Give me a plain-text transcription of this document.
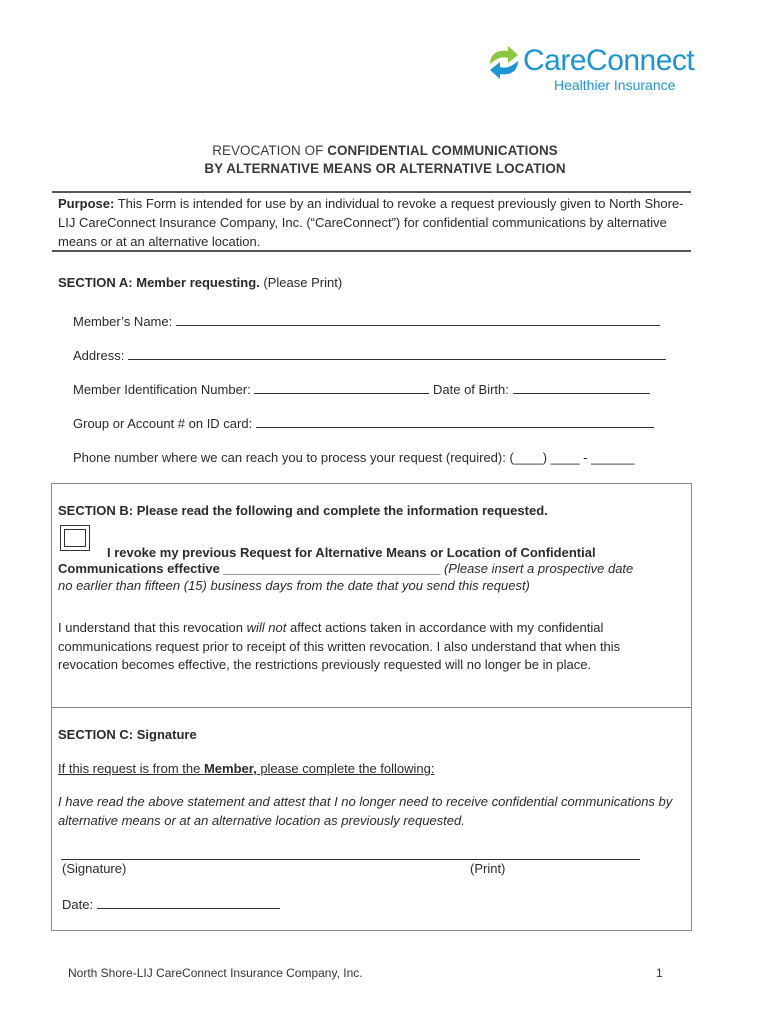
CareConnect
Healthier Insurance
REVOCATION OF CONFIDENTIAL COMMUNICATIONS
BY ALTERNATIVE MEANS OR ALTERNATIVE LOCATION
Purpose: This Form is intended for use by an individual to revoke a request previously given to North Shore-LIJ CareConnect Insurance Company, Inc. (“CareConnect”) for confidential communications by alternative means or at an alternative location.
SECTION A: Member requesting. (Please Print)
Member’s Name:
Address:
Member Identification Number:	Date of Birth:
Group or Account # on ID card:
Phone number where we can reach you to process your request (required): (____) ____ - ______
SECTION B: Please read the following and complete the information requested.
I revoke my previous Request for Alternative Means or Location of Confidential
Communications effective ______________________________ (Please insert a prospective date
no earlier than fifteen (15) business days from the date that you send this request)
I understand that this revocation will not affect actions taken in accordance with my confidential communications request prior to receipt of this written revocation. I also understand that when this revocation becomes effective, the restrictions previously requested will no longer be in place.
SECTION C: Signature
If this request is from the Member, please complete the following:
I have read the above statement and attest that I no longer need to receive confidential communications by alternative means or at an alternative location as previously requested.
(Signature)	(Print)
Date:
North Shore-LIJ CareConnect Insurance Company, Inc.	1
